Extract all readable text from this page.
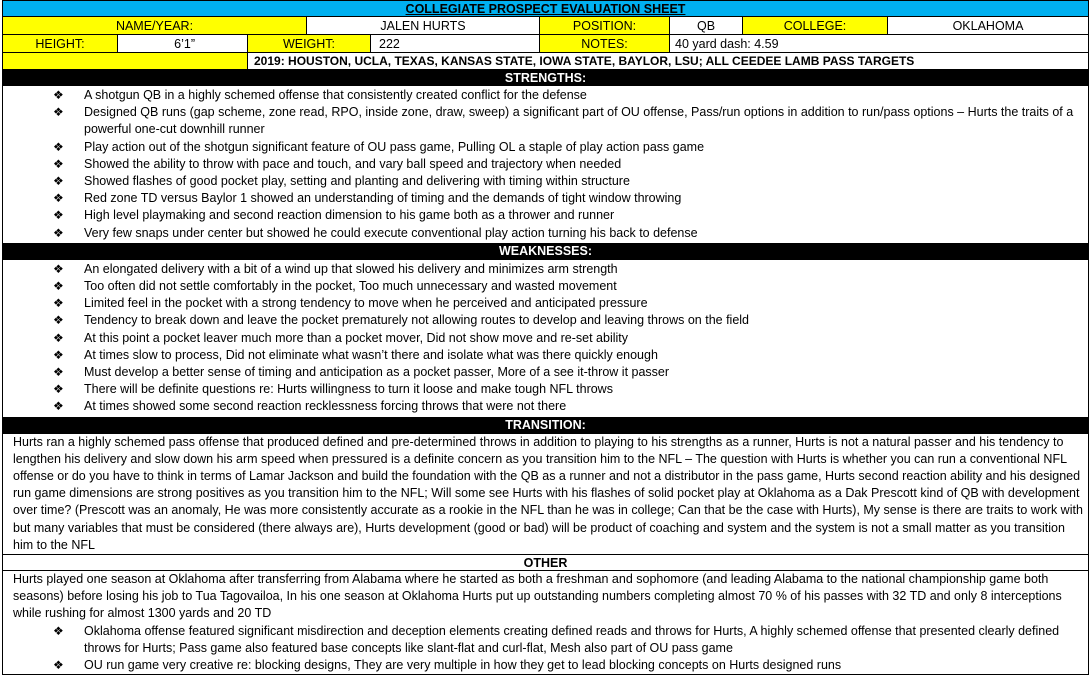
COLLEGIATE PROSPECT EVALUATION SHEET
NAME/YEAR:	JALEN HURTS	POSITION:	QB	COLLEGE:	OKLAHOMA
HEIGHT:	6’1”	WEIGHT:	222	NOTES:	40 yard dash: 4.59
2019: HOUSTON, UCLA, TEXAS, KANSAS STATE, IOWA STATE, BAYLOR, LSU; ALL CEEDEE LAMB PASS TARGETS
STRENGTHS:
❖ A shotgun QB in a highly schemed offense that consistently created conflict for the defense
❖ Designed QB runs (gap scheme, zone read, RPO, inside zone, draw, sweep) a significant part of OU offense, Pass/run options in addition to run/pass options – Hurts the traits of a powerful one-cut downhill runner
❖ Play action out of the shotgun significant feature of OU pass game, Pulling OL a staple of play action pass game
❖ Showed the ability to throw with pace and touch, and vary ball speed and trajectory when needed
❖ Showed flashes of good pocket play, setting and planting and delivering with timing within structure
❖ Red zone TD versus Baylor 1 showed an understanding of timing and the demands of tight window throwing
❖ High level playmaking and second reaction dimension to his game both as a thrower and runner
❖ Very few snaps under center but showed he could execute conventional play action turning his back to defense
WEAKNESSES:
❖ An elongated delivery with a bit of a wind up that slowed his delivery and minimizes arm strength
❖ Too often did not settle comfortably in the pocket, Too much unnecessary and wasted movement
❖ Limited feel in the pocket with a strong tendency to move when he perceived and anticipated pressure
❖ Tendency to break down and leave the pocket prematurely not allowing routes to develop and leaving throws on the field
❖ At this point a pocket leaver much more than a pocket mover, Did not show move and re-set ability
❖ At times slow to process, Did not eliminate what wasn’t there and isolate what was there quickly enough
❖ Must develop a better sense of timing and anticipation as a pocket passer, More of a see it-throw it passer
❖ There will be definite questions re: Hurts willingness to turn it loose and make tough NFL throws
❖ At times showed some second reaction recklessness forcing throws that were not there
TRANSITION:
Hurts ran a highly schemed pass offense that produced defined and pre-determined throws in addition to playing to his strengths as a runner, Hurts is not a natural passer and his tendency to lengthen his delivery and slow down his arm speed when pressured is a definite concern as you transition him to the NFL – The question with Hurts is whether you can run a conventional NFL offense or do you have to think in terms of Lamar Jackson and build the foundation with the QB as a runner and not a distributor in the pass game, Hurts second reaction ability and his designed run game dimensions are strong positives as you transition him to the NFL; Will some see Hurts with his flashes of solid pocket play at Oklahoma as a Dak Prescott kind of QB with development over time? (Prescott was an anomaly, He was more consistently accurate as a rookie in the NFL than he was in college; Can that be the case with Hurts), My sense is there are traits to work with but many variables that must be considered (there always are), Hurts development (good or bad) will be product of coaching and system and the system is not a small matter as you transition him to the NFL
OTHER
Hurts played one season at Oklahoma after transferring from Alabama where he started as both a freshman and sophomore (and leading Alabama to the national championship game both seasons) before losing his job to Tua Tagovailoa, In his one season at Oklahoma Hurts put up outstanding numbers completing almost 70 % of his passes with 32 TD and only 8 interceptions while rushing for almost 1300 yards and 20 TD
❖ Oklahoma offense featured significant misdirection and deception elements creating defined reads and throws for Hurts, A highly schemed offense that presented clearly defined throws for Hurts; Pass game also featured base concepts like slant-flat and curl-flat, Mesh also part of OU pass game
❖ OU run game very creative re: blocking designs, They are very multiple in how they get to lead blocking concepts on Hurts designed runs
